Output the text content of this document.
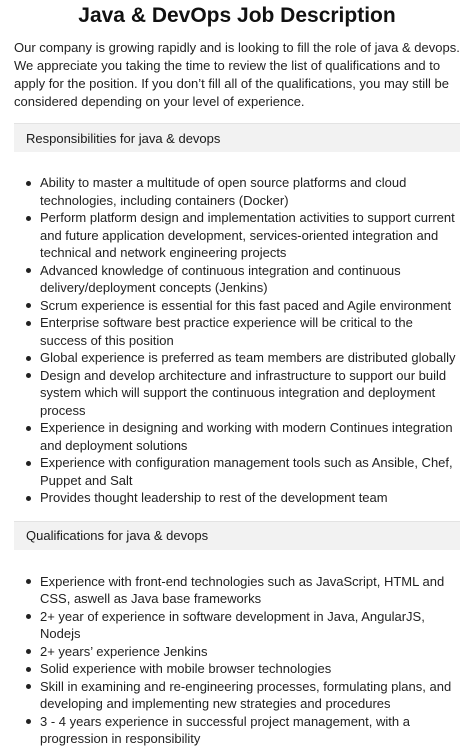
Java & DevOps Job Description

Our company is growing rapidly and is looking to fill the role of java & devops. We appreciate you taking the time to review the list of qualifications and to apply for the position. If you don’t fill all of the qualifications, you may still be considered depending on your level of experience.

Responsibilities for java & devops
Ability to master a multitude of open source platforms and cloud technologies, including containers (Docker)
Perform platform design and implementation activities to support current and future application development, services-oriented integration and technical and network engineering projects
Advanced knowledge of continuous integration and continuous delivery/deployment concepts (Jenkins)
Scrum experience is essential for this fast paced and Agile environment
Enterprise software best practice experience will be critical to the success of this position
Global experience is preferred as team members are distributed globally
Design and develop architecture and infrastructure to support our build system which will support the continuous integration and deployment process
Experience in designing and working with modern Continues integration and deployment solutions
Experience with configuration management tools such as Ansible, Chef, Puppet and Salt
Provides thought leadership to rest of the development team
Qualifications for java & devops
Experience with front-end technologies such as JavaScript, HTML and CSS, aswell as Java base frameworks
2+ year of experience in software development in Java, AngularJS, Nodejs
2+ years’ experience Jenkins
Solid experience with mobile browser technologies
Skill in examining and re-engineering processes, formulating plans, and developing and implementing new strategies and procedures
3 - 4 years experience in successful project management, with a progression in responsibility
